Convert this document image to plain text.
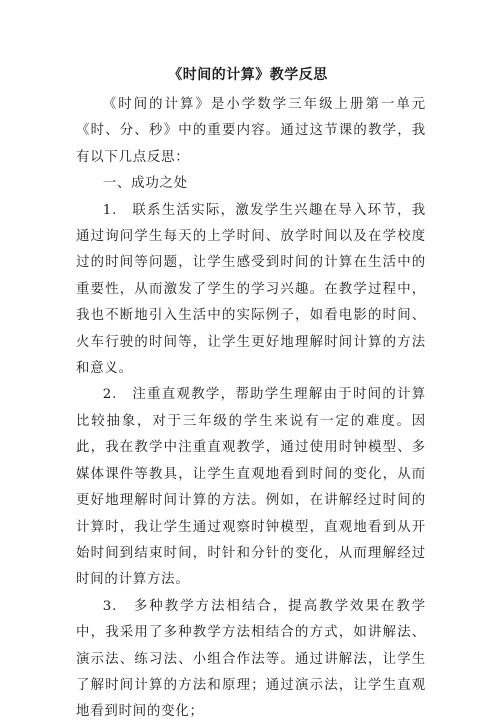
《时间的计算》教学反思

《时间的计算》是小学数学三年级上册第一单元《时、分、秒》中的重要内容。通过这节课的教学，我有以下几点反思：

一、成功之处

1.　联系生活实际，激发学生兴趣在导入环节，我通过询问学生每天的上学时间、放学时间以及在学校度过的时间等问题，让学生感受到时间的计算在生活中的重要性，从而激发了学生的学习兴趣。在教学过程中，我也不断地引入生活中的实际例子，如看电影的时间、火车行驶的时间等，让学生更好地理解时间计算的方法和意义。

2.　注重直观教学，帮助学生理解由于时间的计算比较抽象，对于三年级的学生来说有一定的难度。因此，我在教学中注重直观教学，通过使用时钟模型、多媒体课件等教具，让学生直观地看到时间的变化，从而更好地理解时间计算的方法。例如，在讲解经过时间的计算时，我让学生通过观察时钟模型，直观地看到从开始时间到结束时间，时针和分针的变化，从而理解经过时间的计算方法。

3.　多种教学方法相结合，提高教学效果在教学中，我采用了多种教学方法相结合的方式，如讲解法、演示法、练习法、小组合作法等。通过讲解法，让学生了解时间计算的方法和原理；通过演示法，让学生直观地看到时间的变化；
